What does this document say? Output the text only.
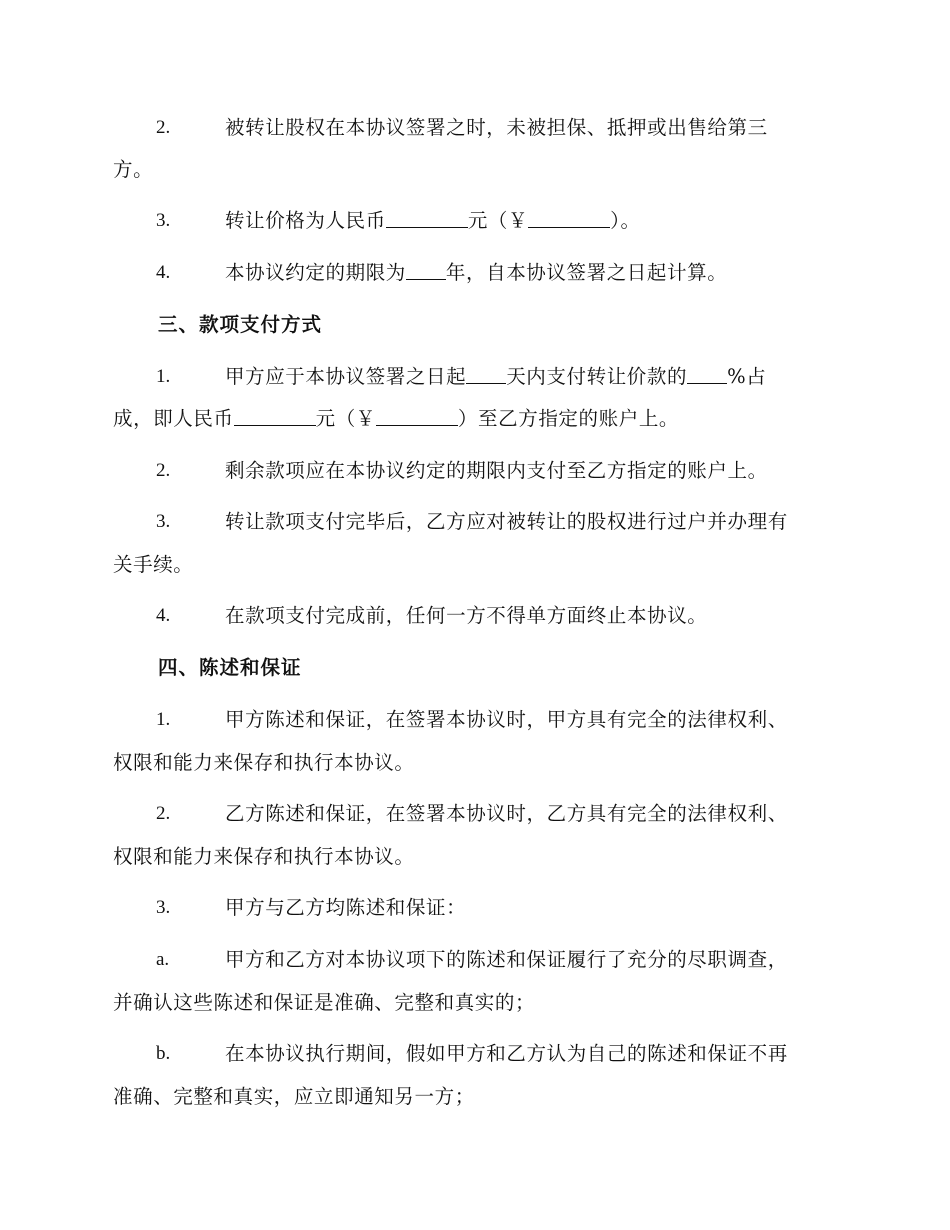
2.	被转让股权在本协议签署之时，未被担保、抵押或出售给第三
方。
3.	转让价格为人民币	元（￥	）。
4.	本协议约定的期限为 年，自本协议签署之日起计算。
三、款项支付方式
1.	甲方应于本协议签署之日起 天内支付转让价款的 %占
成，即人民币	元（￥	）至乙方指定的账户上。
2.	剩余款项应在本协议约定的期限内支付至乙方指定的账户上。
3.	转让款项支付完毕后，乙方应对被转让的股权进行过户并办理有
关手续。
4.	在款项支付完成前，任何一方不得单方面终止本协议。
四、陈述和保证
1.	甲方陈述和保证，在签署本协议时，甲方具有完全的法律权利、
权限和能力来保存和执行本协议。
2.	乙方陈述和保证，在签署本协议时，乙方具有完全的法律权利、
权限和能力来保存和执行本协议。
3.	甲方与乙方均陈述和保证：
a.	甲方和乙方对本协议项下的陈述和保证履行了充分的尽职调查，
并确认这些陈述和保证是准确、完整和真实的；
b.	在本协议执行期间，假如甲方和乙方认为自己的陈述和保证不再
准确、完整和真实，应立即通知另一方；
